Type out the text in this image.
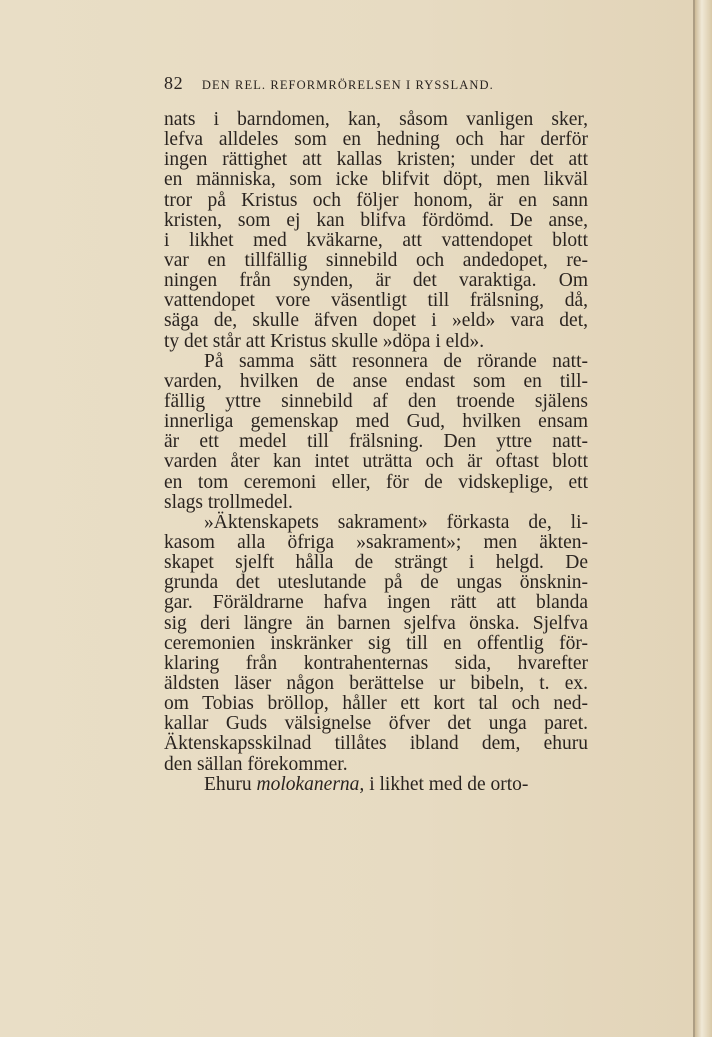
82 DEN REL. REFORMRÖRELSEN I RYSSLAND.
nats i barndomen, kan, såsom vanligen sker,
lefva alldeles som en hedning och har derför
ingen rättighet att kallas kristen; under det att
en människa, som icke blifvit döpt, men likväl
tror på Kristus och följer honom, är en sann
kristen, som ej kan blifva fördömd. De anse,
i likhet med kväkarne, att vattendopet blott
var en tillfällig sinnebild och andedopet, re-
ningen från synden, är det varaktiga. Om
vattendopet vore väsentligt till frälsning, då,
säga de, skulle äfven dopet i »eld» vara det,
ty det står att Kristus skulle »döpa i eld».
På samma sätt resonnera de rörande natt-
varden, hvilken de anse endast som en till-
fällig yttre sinnebild af den troende själens
innerliga gemenskap med Gud, hvilken ensam
är ett medel till frälsning. Den yttre natt-
varden åter kan intet uträtta och är oftast blott
en tom ceremoni eller, för de vidskeplige, ett
slags trollmedel.
»Äktenskapets sakrament» förkasta de, li-
kasom alla öfriga »sakrament»; men äkten-
skapet sjelft hålla de strängt i helgd. De
grunda det uteslutande på de ungas önsknin-
gar. Föräldrarne hafva ingen rätt att blanda
sig deri längre än barnen sjelfva önska. Sjelfva
ceremonien inskränker sig till en offentlig för-
klaring från kontrahenternas sida, hvarefter
äldsten läser någon berättelse ur bibeln, t. ex.
om Tobias bröllop, håller ett kort tal och ned-
kallar Guds välsignelse öfver det unga paret.
Äktenskapsskilnad tillåtes ibland dem, ehuru
den sällan förekommer.
Ehuru molokanerna, i likhet med de orto-
